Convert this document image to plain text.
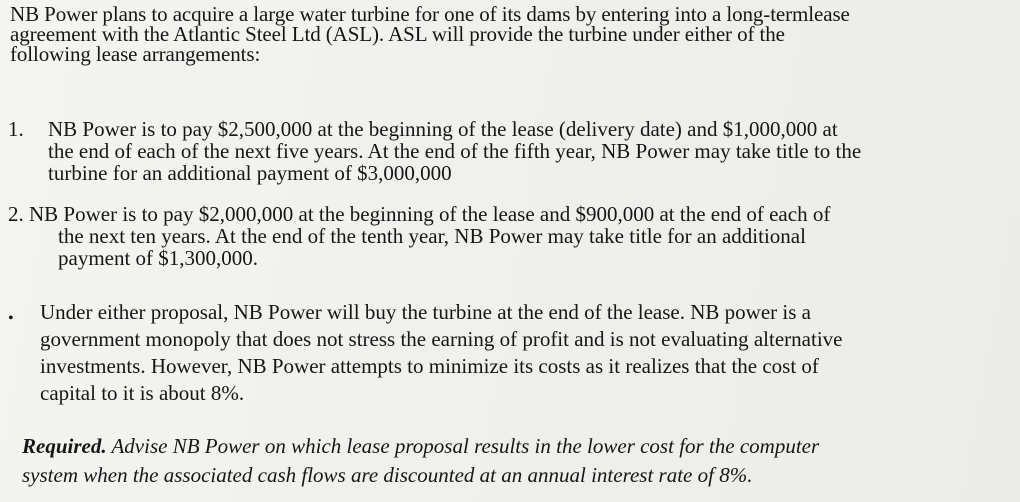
NB Power plans to acquire a large water turbine for one of its dams by entering into a long-termlease
agreement with the Atlantic Steel Ltd (ASL). ASL will provide the turbine under either of the
following lease arrangements:
1. NB Power is to pay $2,500,000 at the beginning of the lease (delivery date) and $1,000,000 at
the end of each of the next five years. At the end of the fifth year, NB Power may take title to the
turbine for an additional payment of $3,000,000
2. NB Power is to pay $2,000,000 at the beginning of the lease and $900,000 at the end of each of
the next ten years. At the end of the tenth year, NB Power may take title for an additional
payment of $1,300,000.
• Under either proposal, NB Power will buy the turbine at the end of the lease. NB power is a
government monopoly that does not stress the earning of profit and is not evaluating alternative
investments. However, NB Power attempts to minimize its costs as it realizes that the cost of
capital to it is about 8%.
Required. Advise NB Power on which lease proposal results in the lower cost for the computer
system when the associated cash flows are discounted at an annual interest rate of 8%.
